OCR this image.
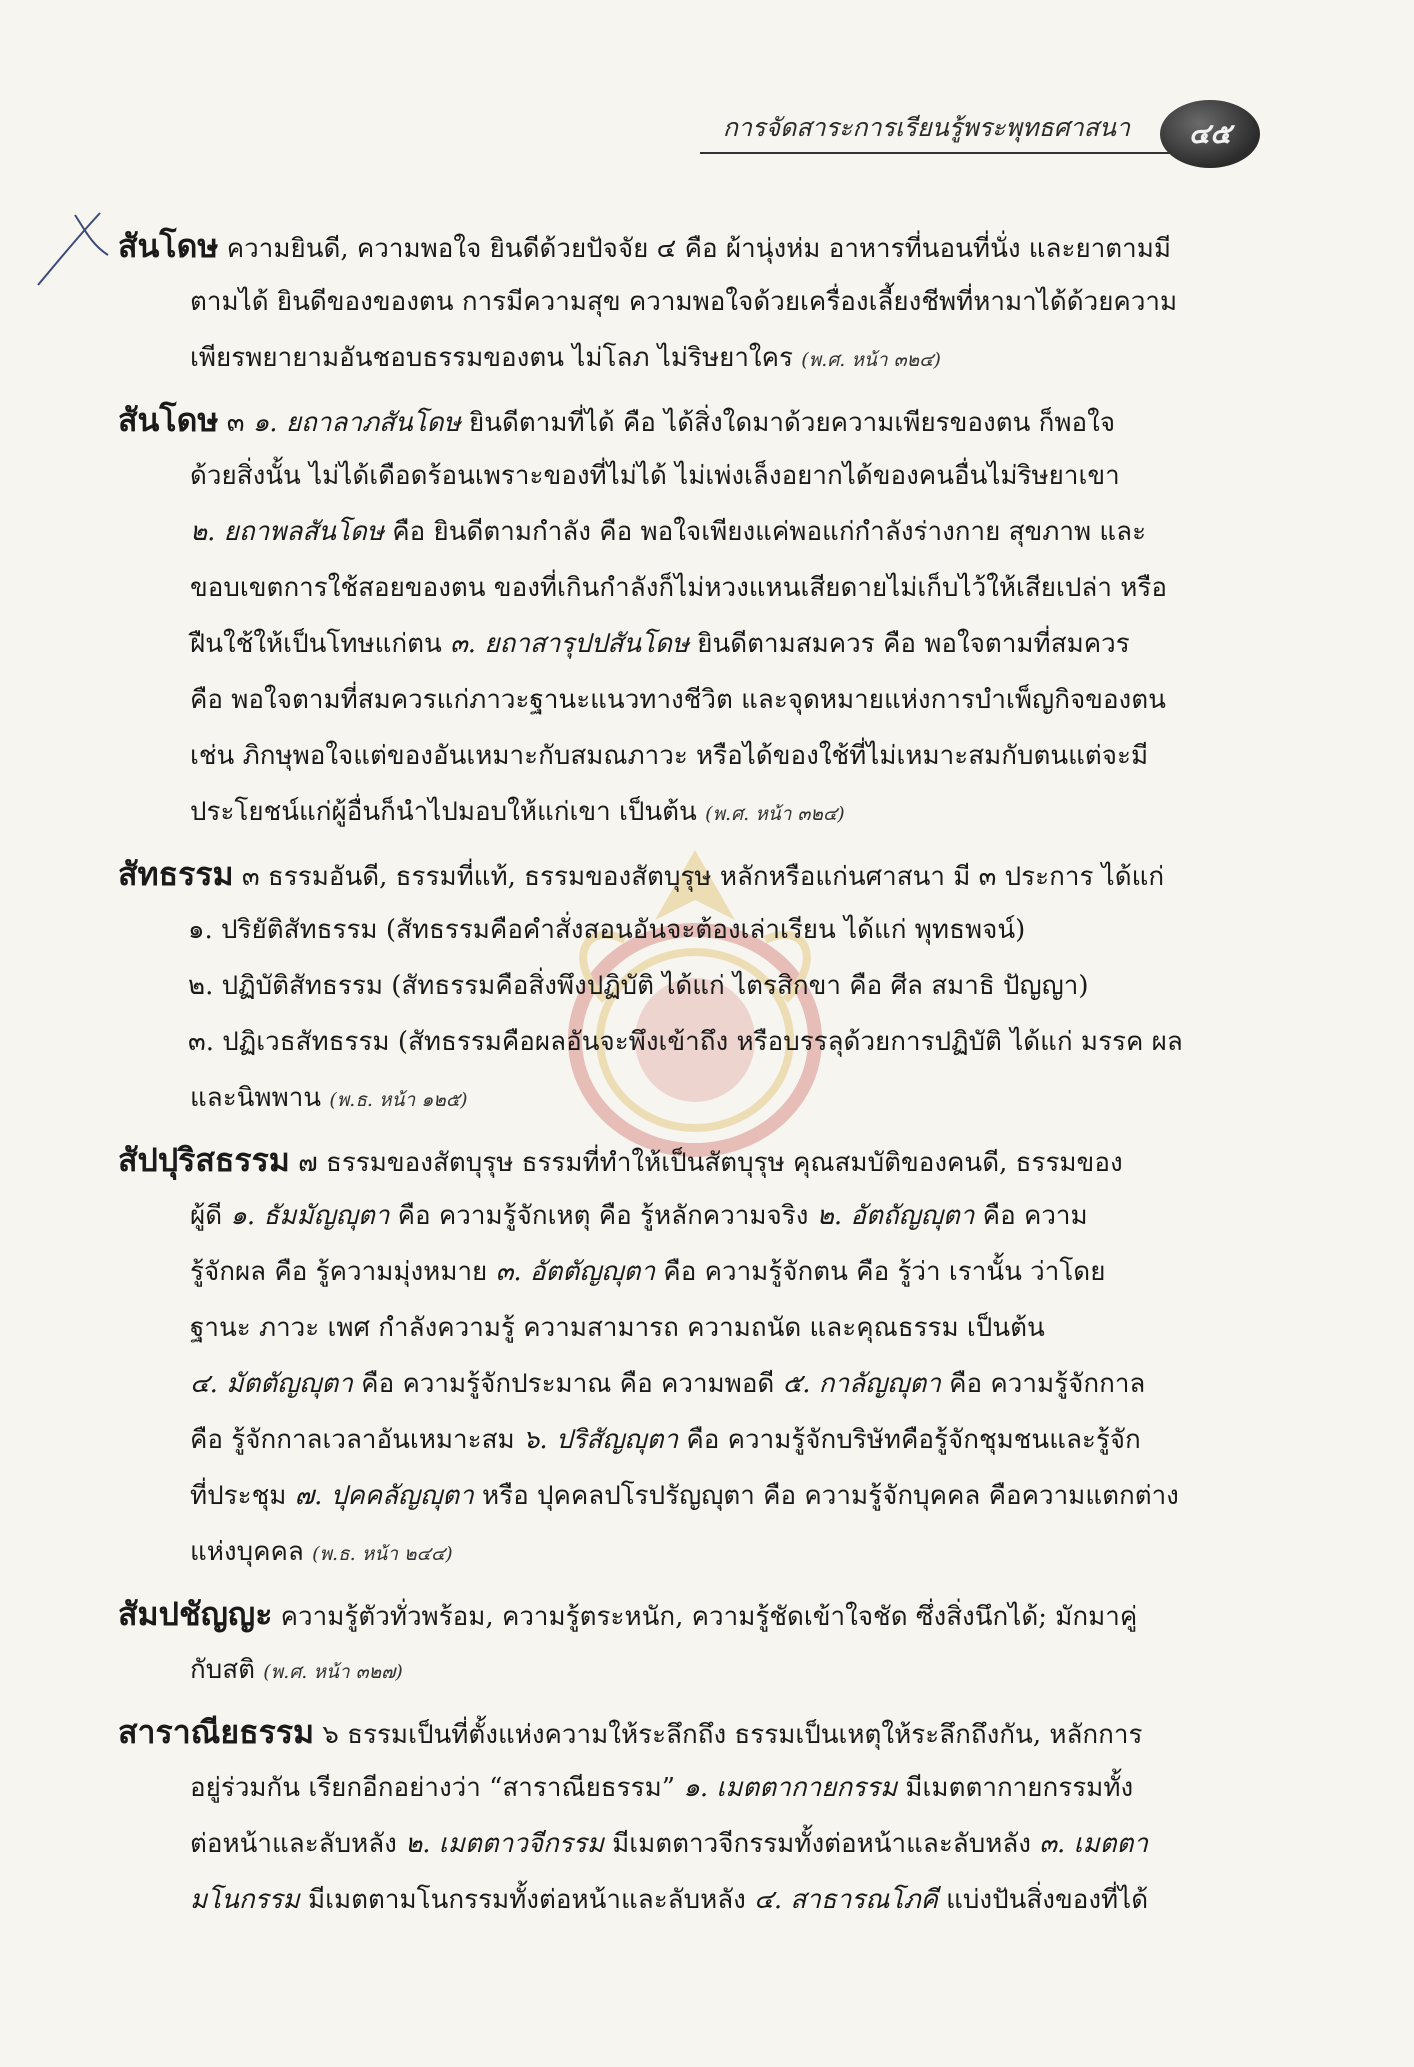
การจัดสาระการเรียนรู้พระพุทธศาสนา	๔๕
สันโดษ ความยินดี, ความพอใจ ยินดีด้วยปัจจัย ๔ คือ ผ้านุ่งห่ม อาหารที่นอนที่นั่ง และยาตามมี
ตามได้ ยินดีของของตน การมีความสุข ความพอใจด้วยเครื่องเลี้ยงชีพที่หามาได้ด้วยความ
เพียรพยายามอันชอบธรรมของตน ไม่โลภ ไม่ริษยาใคร (พ.ศ. หน้า ๓๒๔)
สันโดษ ๓ ๑. ยถาลาภสันโดษ ยินดีตามที่ได้ คือ ได้สิ่งใดมาด้วยความเพียรของตน ก็พอใจ
ด้วยสิ่งนั้น ไม่ได้เดือดร้อนเพราะของที่ไม่ได้ ไม่เพ่งเล็งอยากได้ของคนอื่นไม่ริษยาเขา
๒. ยถาพลสันโดษ คือ ยินดีตามกำลัง คือ พอใจเพียงแค่พอแก่กำลังร่างกาย สุขภาพ และ
ขอบเขตการใช้สอยของตน ของที่เกินกำลังก็ไม่หวงแหนเสียดายไม่เก็บไว้ให้เสียเปล่า หรือ
ฝืนใช้ให้เป็นโทษแก่ตน ๓. ยถาสารุปปสันโดษ ยินดีตามสมควร คือ พอใจตามที่สมควร
คือ พอใจตามที่สมควรแก่ภาวะฐานะแนวทางชีวิต และจุดหมายแห่งการบำเพ็ญกิจของตน
เช่น ภิกษุพอใจแต่ของอันเหมาะกับสมณภาวะ หรือได้ของใช้ที่ไม่เหมาะสมกับตนแต่จะมี
ประโยชน์แก่ผู้อื่นก็นำไปมอบให้แก่เขา เป็นต้น (พ.ศ. หน้า ๓๒๔)
สัทธรรม ๓ ธรรมอันดี, ธรรมที่แท้, ธรรมของสัตบุรุษ หลักหรือแก่นศาสนา มี ๓ ประการ ได้แก่
๑. ปริยัติสัทธรรม (สัทธรรมคือคำสั่งสอนอันจะต้องเล่าเรียน ได้แก่ พุทธพจน์)
๒. ปฏิบัติสัทธรรม (สัทธรรมคือสิ่งพึงปฏิบัติ ได้แก่ ไตรสิกขา คือ ศีล สมาธิ ปัญญา)
๓. ปฏิเวธสัทธรรม (สัทธรรมคือผลอันจะพึงเข้าถึง หรือบรรลุด้วยการปฏิบัติ ได้แก่ มรรค ผล
และนิพพาน (พ.ธ. หน้า ๑๒๕)
สัปปุริสธรรม ๗ ธรรมของสัตบุรุษ ธรรมที่ทำให้เป็นสัตบุรุษ คุณสมบัติของคนดี, ธรรมของ
ผู้ดี ๑. ธัมมัญญุตา คือ ความรู้จักเหตุ คือ รู้หลักความจริง ๒. อัตถัญญุตา คือ ความ
รู้จักผล คือ รู้ความมุ่งหมาย ๓. อัตตัญญุตา คือ ความรู้จักตน คือ รู้ว่า เรานั้น ว่าโดย
ฐานะ ภาวะ เพศ กำลังความรู้ ความสามารถ ความถนัด และคุณธรรม เป็นต้น
๔. มัตตัญญุตา คือ ความรู้จักประมาณ คือ ความพอดี ๕. กาลัญญุตา คือ ความรู้จักกาล
คือ รู้จักกาลเวลาอันเหมาะสม ๖. ปริสัญญุตา คือ ความรู้จักบริษัทคือรู้จักชุมชนและรู้จัก
ที่ประชุม ๗. ปุคคลัญญุตา หรือ ปุคคลปโรปรัญญุตา คือ ความรู้จักบุคคล คือความแตกต่าง
แห่งบุคคล (พ.ธ. หน้า ๒๔๔)
สัมปชัญญะ ความรู้ตัวทั่วพร้อม, ความรู้ตระหนัก, ความรู้ชัดเข้าใจชัด ซึ่งสิ่งนึกได้; มักมาคู่
กับสติ (พ.ศ. หน้า ๓๒๗)
สาราณียธรรม ๖ ธรรมเป็นที่ตั้งแห่งความให้ระลึกถึง ธรรมเป็นเหตุให้ระลึกถึงกัน, หลักการ
อยู่ร่วมกัน เรียกอีกอย่างว่า “สาราณียธรรม” ๑. เมตตากายกรรม มีเมตตากายกรรมทั้ง
ต่อหน้าและลับหลัง ๒. เมตตาวจีกรรม มีเมตตาวจีกรรมทั้งต่อหน้าและลับหลัง ๓. เมตตา
มโนกรรม มีเมตตามโนกรรมทั้งต่อหน้าและลับหลัง ๔. สาธารณโภคี แบ่งปันสิ่งของที่ได้
